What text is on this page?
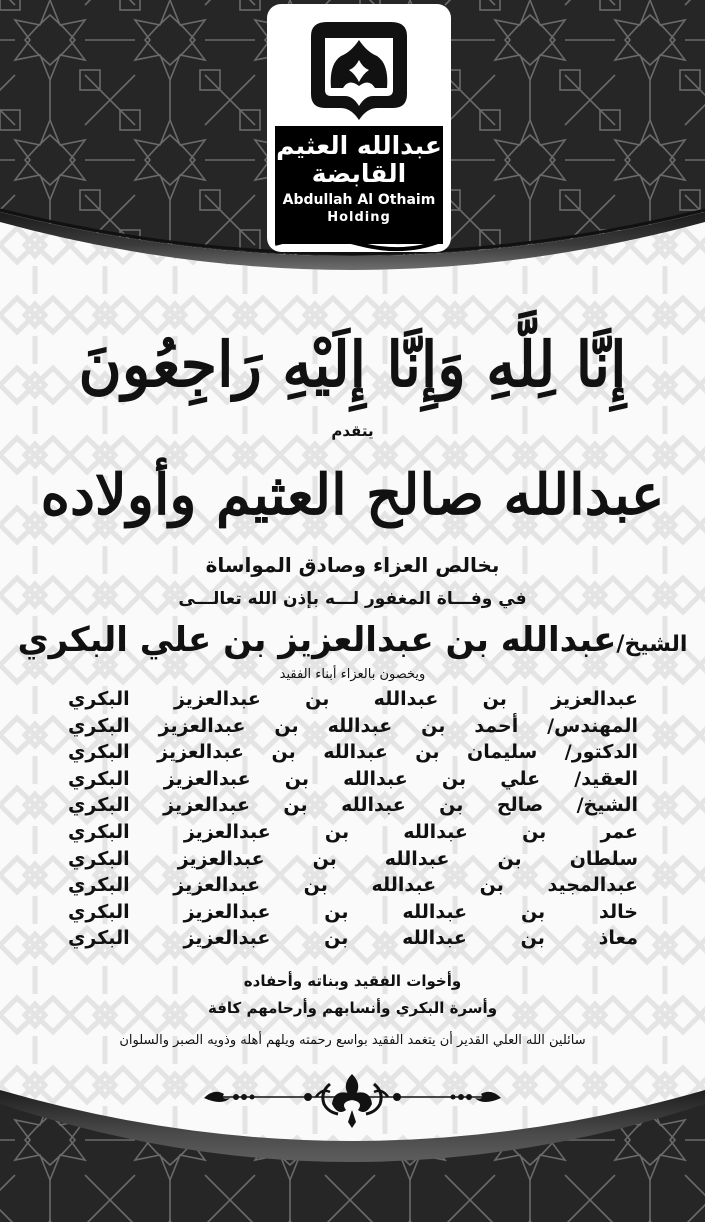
عبدالله العثيم
القابضة
Abdullah Al Othaim
Holding
إِنَّا لِلَّهِ وَإِنَّا إِلَيْهِ رَاجِعُونَ
يتقدم
عبدالله صالح العثيم وأولاده
بخالص العزاء وصادق المواساة
في وفـــاة المغفور لـــه بإذن الله تعالـــى
الشيخ/عبدالله بن عبدالعزيز بن علي البكري
ويخصون بالعزاء أبناء الفقيد
عبدالعزيز بن عبدالله بن عبدالعزيز البكري
المهندس/ أحمد بن عبدالله بن عبدالعزيز البكري
الدكتور/ سليمان بن عبدالله بن عبدالعزيز البكري
العقيد/ علي بن عبدالله بن عبدالعزيز البكري
الشيخ/ صالح بن عبدالله بن عبدالعزيز البكري
عمر بن عبدالله بن عبدالعزيز البكري
سلطان بن عبدالله بن عبدالعزيز البكري
عبدالمجيد بن عبدالله بن عبدالعزيز البكري
خالد بن عبدالله بن عبدالعزيز البكري
معاذ بن عبدالله بن عبدالعزيز البكري
وأخوات الفقيد وبناته وأحفاده
وأسرة البكري وأنسابهم وأرحامهم كافة
سائلين الله العلي القدير أن يتغمد الفقيد بواسع رحمته ويلهم أهله وذويه الصبر والسلوان
